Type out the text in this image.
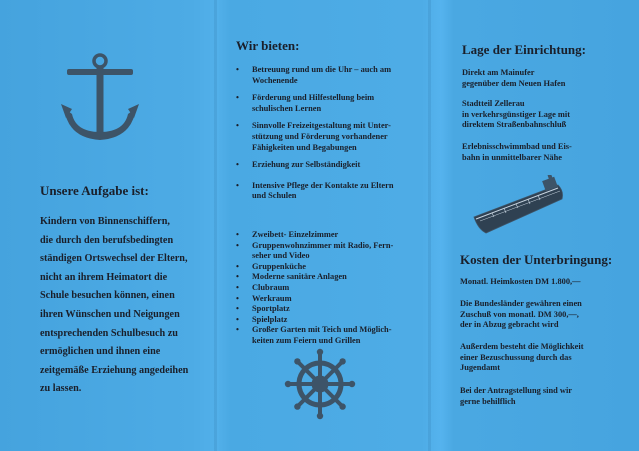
Unsere Aufgabe ist:
Kindern von Binnenschiffern,
die durch den berufsbedingten
ständigen Ortswechsel der Eltern,
nicht an ihrem Heimatort die
Schule besuchen können, einen
ihren Wünschen und Neigungen
entsprechenden Schulbesuch zu
ermöglichen und ihnen eine
zeitgemäße Erziehung angedeihen
zu lassen.
Wir bieten:
• Betreuung rund um die Uhr – auch am
Wochenende
• Förderung und Hilfestellung beim
schulischen Lernen
• Sinnvolle Freizeitgestaltung mit Unter-
stützung und Förderung vorhandener
Fähigkeiten und Begabungen
• Erziehung zur Selbständigkeit
• Intensive Pflege der Kontakte zu Eltern
und Schulen
• Zweibett- Einzelzimmer
• Gruppenwohnzimmer mit Radio, Fern-
seher und Video
• Gruppenküche
• Moderne sanitäre Anlagen
• Clubraum
• Werkraum
• Sportplatz
• Spielplatz
• Großer Garten mit Teich und Möglich-
keiten zum Feiern und Grillen
Lage der Einrichtung:
Direkt am Mainufer
gegenüber dem Neuen Hafen
Stadtteil Zellerau
in verkehrsgünstiger Lage mit
direktem Straßenbahnschluß
Erlebnisschwimmbad und Eis-
bahn in unmittelbarer Nähe
Kosten der Unterbringung:
Monatl. Heimkosten DM 1.800,—
Die Bundesländer gewähren einen
Zuschuß von monatl. DM 300,—,
der in Abzug gebracht wird
Außerdem besteht die Möglichkeit
einer Bezuschussung durch das
Jugendamt
Bei der Antragstellung sind wir
gerne behilflich
